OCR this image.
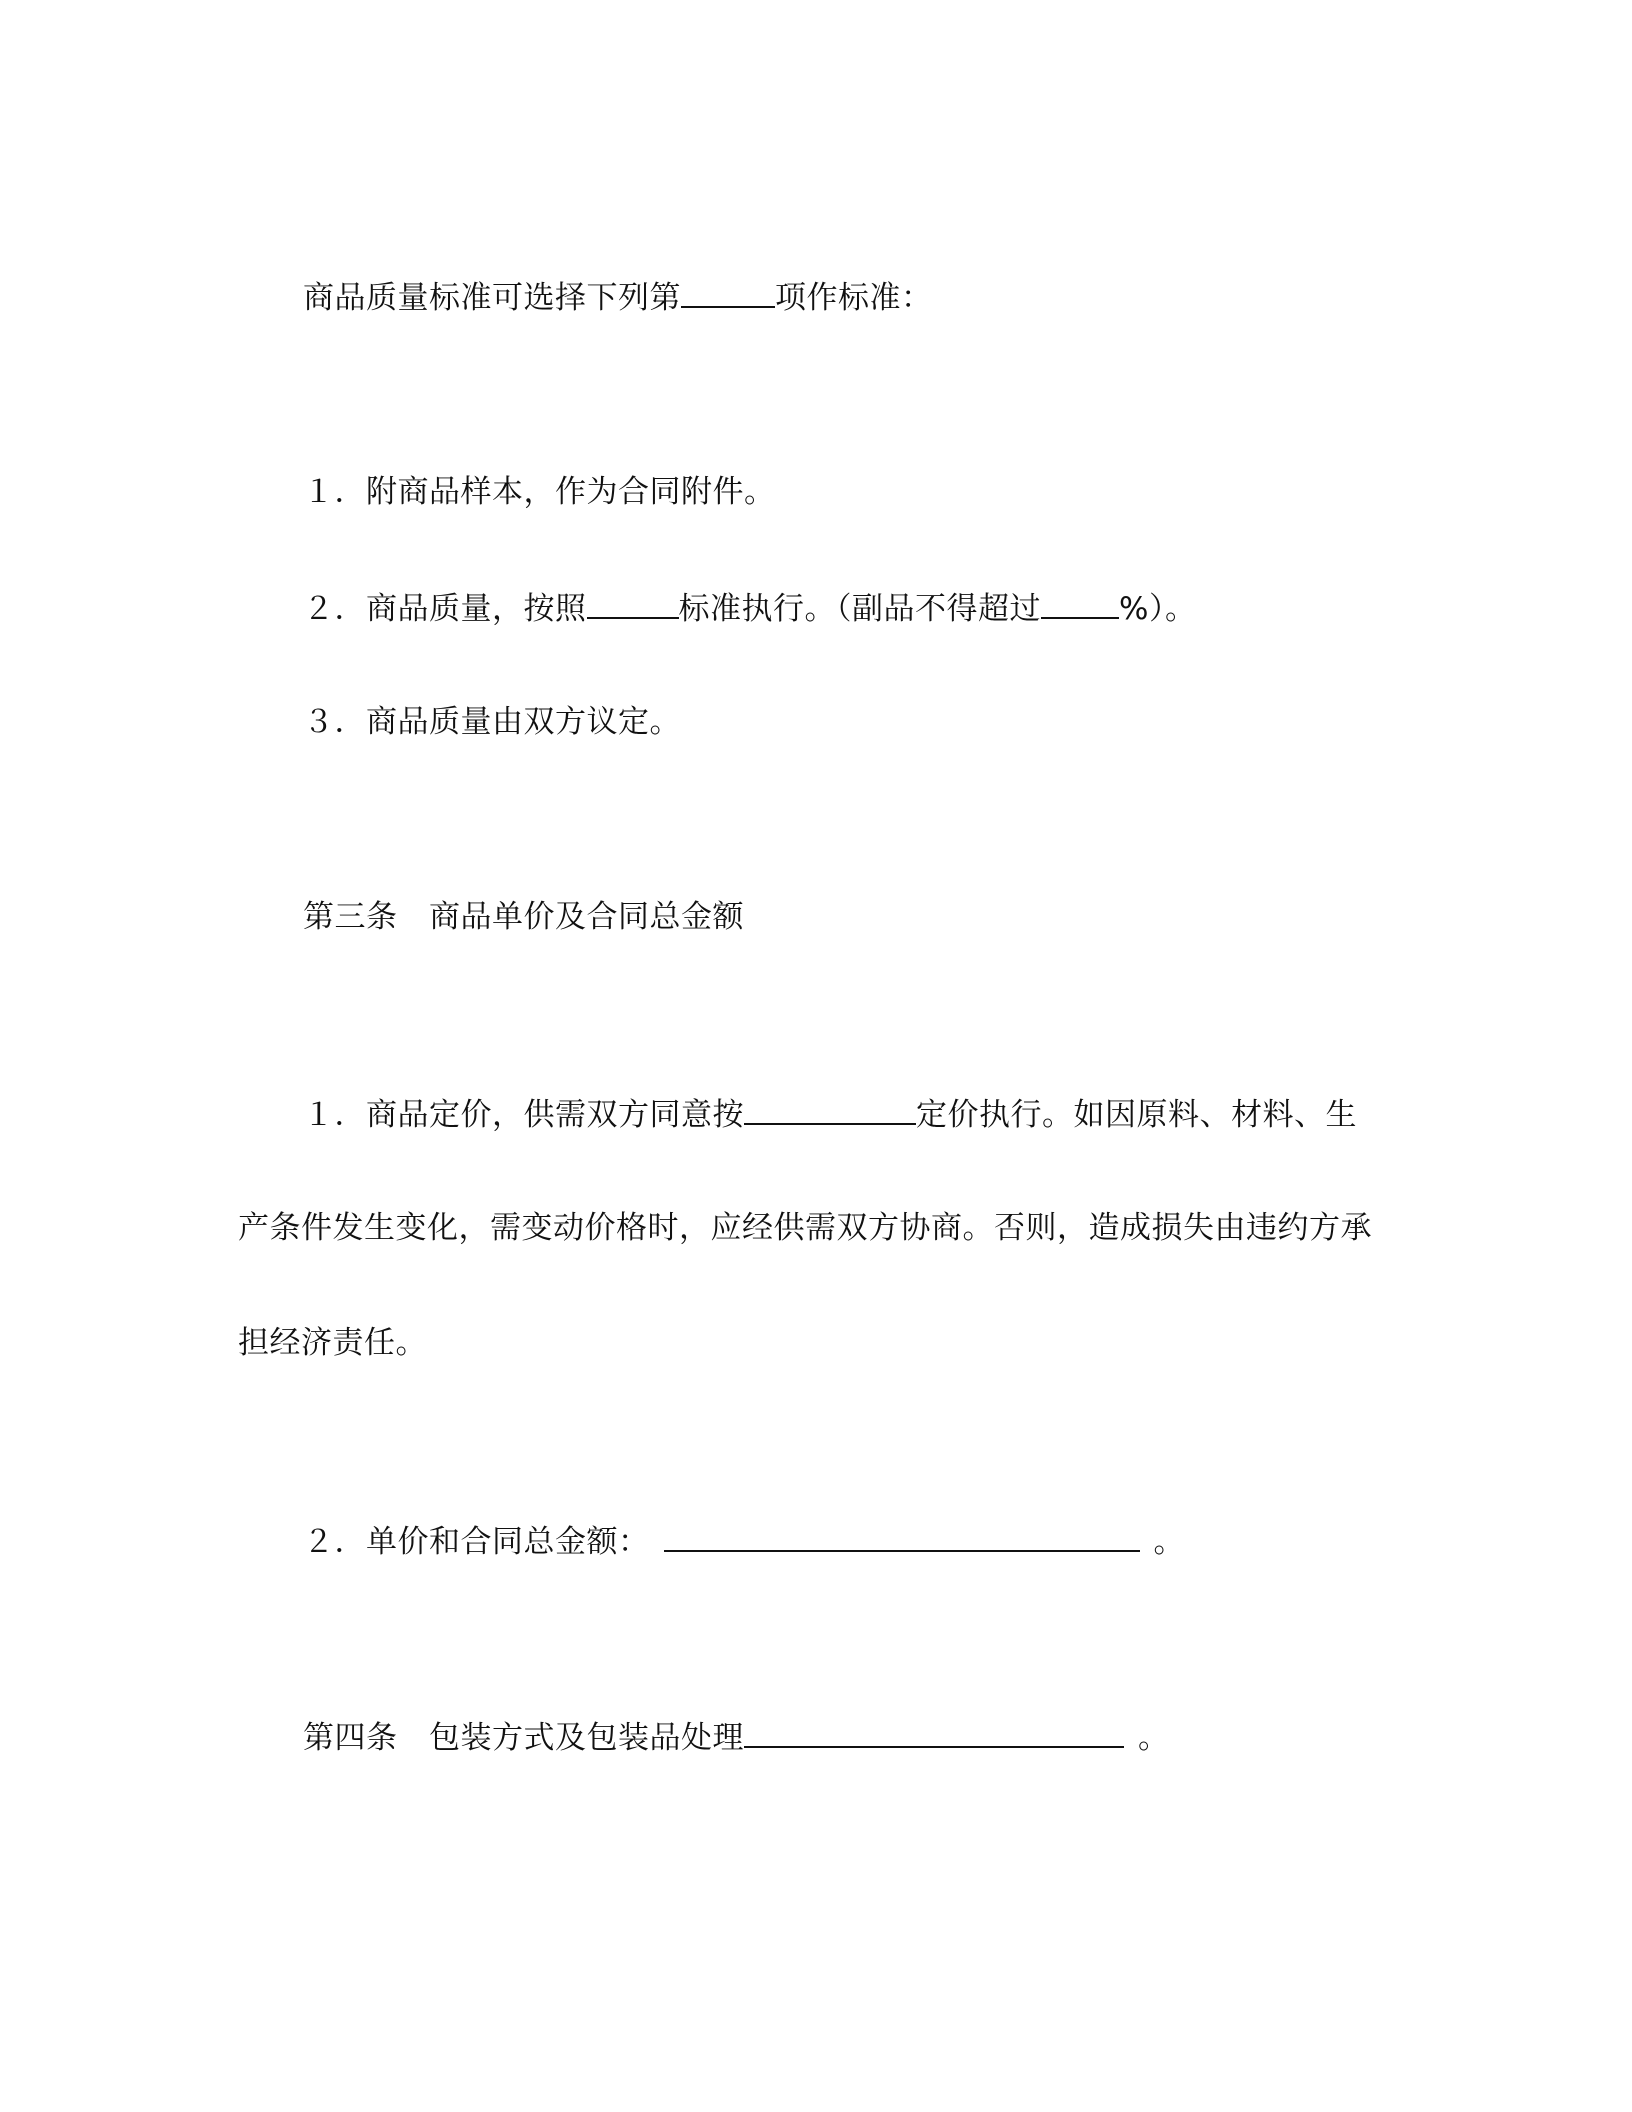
商品质量标准可选择下列第	项作标准：
１．附商品样本，作为合同附件。
２．商品质量，按照	标准执行。（副品不得超过	%）。
３．商品质量由双方议定。
第三条　商品单价及合同总金额
１．商品定价，供需双方同意按	定价执行。如因原料、材料、生
产条件发生变化，需变动价格时，应经供需双方协商。否则，造成损失由违约方承
担经济责任。
２．单价和合同总金额：	。
第四条　包装方式及包装品处理	。
